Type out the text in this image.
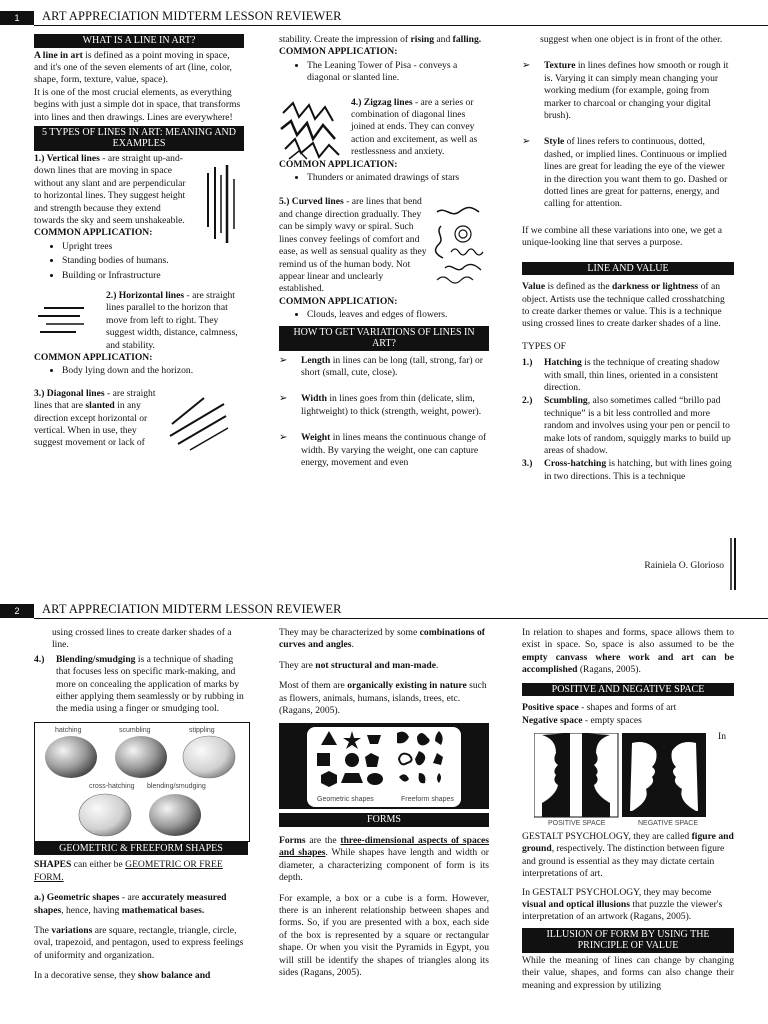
1	ART APPRECIATION MIDTERM LESSON REVIEWER
WHAT IS A LINE IN ART?

A line in art is defined as a point moving in space, and it's one of the seven elements of art (line, color, shape, form, texture, value, space).

It is one of the most crucial elements, as everything begins with just a simple dot in space, that transforms into lines and then drawings. Lines are everywhere!

5 TYPES OF LINES IN ART: MEANING AND EXAMPLES

1.) Vertical lines - are straight up-and-down lines that are moving in space without any slant and are perpendicular to horizontal lines. They suggest height and strength because they extend towards the sky and seem unshakeable.

COMMON APPLICATION:

• Upright trees
• Standing bodies of humans.
• Building or Infrastructure

2.) Horizontal lines - are straight lines parallel to the horizon that move from left to right. They suggest width, distance, calmness, and stability.

COMMON APPLICATION:

• Body lying down and the horizon.

3.) Diagonal lines - are straight lines that are slanted in any direction except horizontal or vertical. When in use, they suggest movement or lack of

stability. Create the impression of rising and falling.

COMMON APPLICATION:

• The Leaning Tower of Pisa - conveys a diagonal or slanted line.

4.) Zigzag lines - are a series or combination of diagonal lines joined at ends. They can convey action and excitement, as well as restlessness and anxiety.

COMMON APPLICATION:

• Thunders or animated drawings of stars

5.) Curved lines - are lines that bend and change direction gradually. They can be simply wavy or spiral. Such lines convey feelings of comfort and ease, as well as sensual quality as they remind us of the human body. Not appear linear and unclearly established.

COMMON APPLICATION:

• Clouds, leaves and edges of flowers.
HOW TO GET VARIATIONS OF LINES IN ART?
➢ Length in lines can be long (tall, strong, far) or short (small, cute, close).
➢ Width in lines goes from thin (delicate, slim, lightweight) to thick (strength, weight, power).
➢ Weight in lines means the continuous change of width. By varying the weight, one can capture energy, movement and even

suggest when one object is in front of the other.

➢ Texture in lines defines how smooth or rough it is. Varying it can simply mean changing your working medium (for example, going from marker to charcoal or changing your digital brush).
➢ Style of lines refers to continuous, dotted, dashed, or implied lines. Continuous or implied lines are great for leading the eye of the viewer in the direction you want them to go. Dashed or dotted lines are great for patterns, energy, and calling for attention.

If we combine all these variations into one, we get a unique-looking line that serves a purpose.

LINE AND VALUE

Value is defined as the darkness or lightness of an object. Artists use the technique called crosshatching to create darker themes or value. This is a technique using crossed lines to create darker shades of a line.

TYPES OF

1.) Hatching is the technique of creating shadow with small, thin lines, oriented in a consistent direction.
2.) Scumbling, also sometimes called “brillo pad technique” is a bit less controlled and more random and involves using your pen or pencil to make lots of random, squiggly marks to build up areas of shadow.
3.) Cross-hatching is hatching, but with lines going in two directions. This is a technique
Rainiela O. Glorioso
2	ART APPRECIATION MIDTERM LESSON REVIEWER

using crossed lines to create darker shades of a line.

4.) Blending/smudging is a technique of shading that focuses less on specific mark-making, and more on concealing the application of marks by either applying them seamlessly or by rubbing in the media using a finger or smudging tool.
hatching	scumbling	stippling
cross-hatching blending/smudging
GEOMETRIC & FREEFORM SHAPES

SHAPES can either be GEOMETRIC OR FREE FORM.

a.) Geometric shapes - are accurately measured shapes, hence, having mathematical bases.

The variations are square, rectangle, triangle, circle, oval, trapezoid, and pentagon, used to express feelings of uniformity and organization.

In a decorative sense, they show balance and

They may be characterized by some combinations of curves and angles.

They are not structural and man-made.

Most of them are organically existing in nature such as flowers, animals, humans, islands, trees, etc. (Ragans, 2005).

Geometric shapes	Freeform shapes
FORMS

Forms are the three-dimensional aspects of spaces and shapes. While shapes have length and width or diameter, a characterizing component of form is its depth.

For example, a box or a cube is a form. However, there is an inherent relationship between shapes and forms. So, if you are presented with a box, each side of the box is represented by a square or rectangular shape. Or when you visit the Pyramids in Egypt, you will still be identify the shapes of triangles along its sides (Ragans, 2005).

In relation to shapes and forms, space allows them to exist in space. So, space is also assumed to be the empty canvass where work and art can be accomplished (Ragans, 2005).

POSITIVE AND NEGATIVE SPACE

Positive space - shapes and forms of art

Negative space - empty spaces

POSITIVE SPACE	NEGATIVE SPACE
In

GESTALT PSYCHOLOGY, they are called figure and ground, respectively. The distinction between figure and ground is essential as they may dictate certain interpretations of art.

In GESTALT PSYCHOLOGY, they may become visual and optical illusions that puzzle the viewer's interpretation of an artwork (Ragans, 2005).

ILLUSION OF FORM BY USING THE PRINCIPLE OF VALUE

While the meaning of lines can change by changing their value, shapes, and forms can also change their meaning and expression by utilizing
